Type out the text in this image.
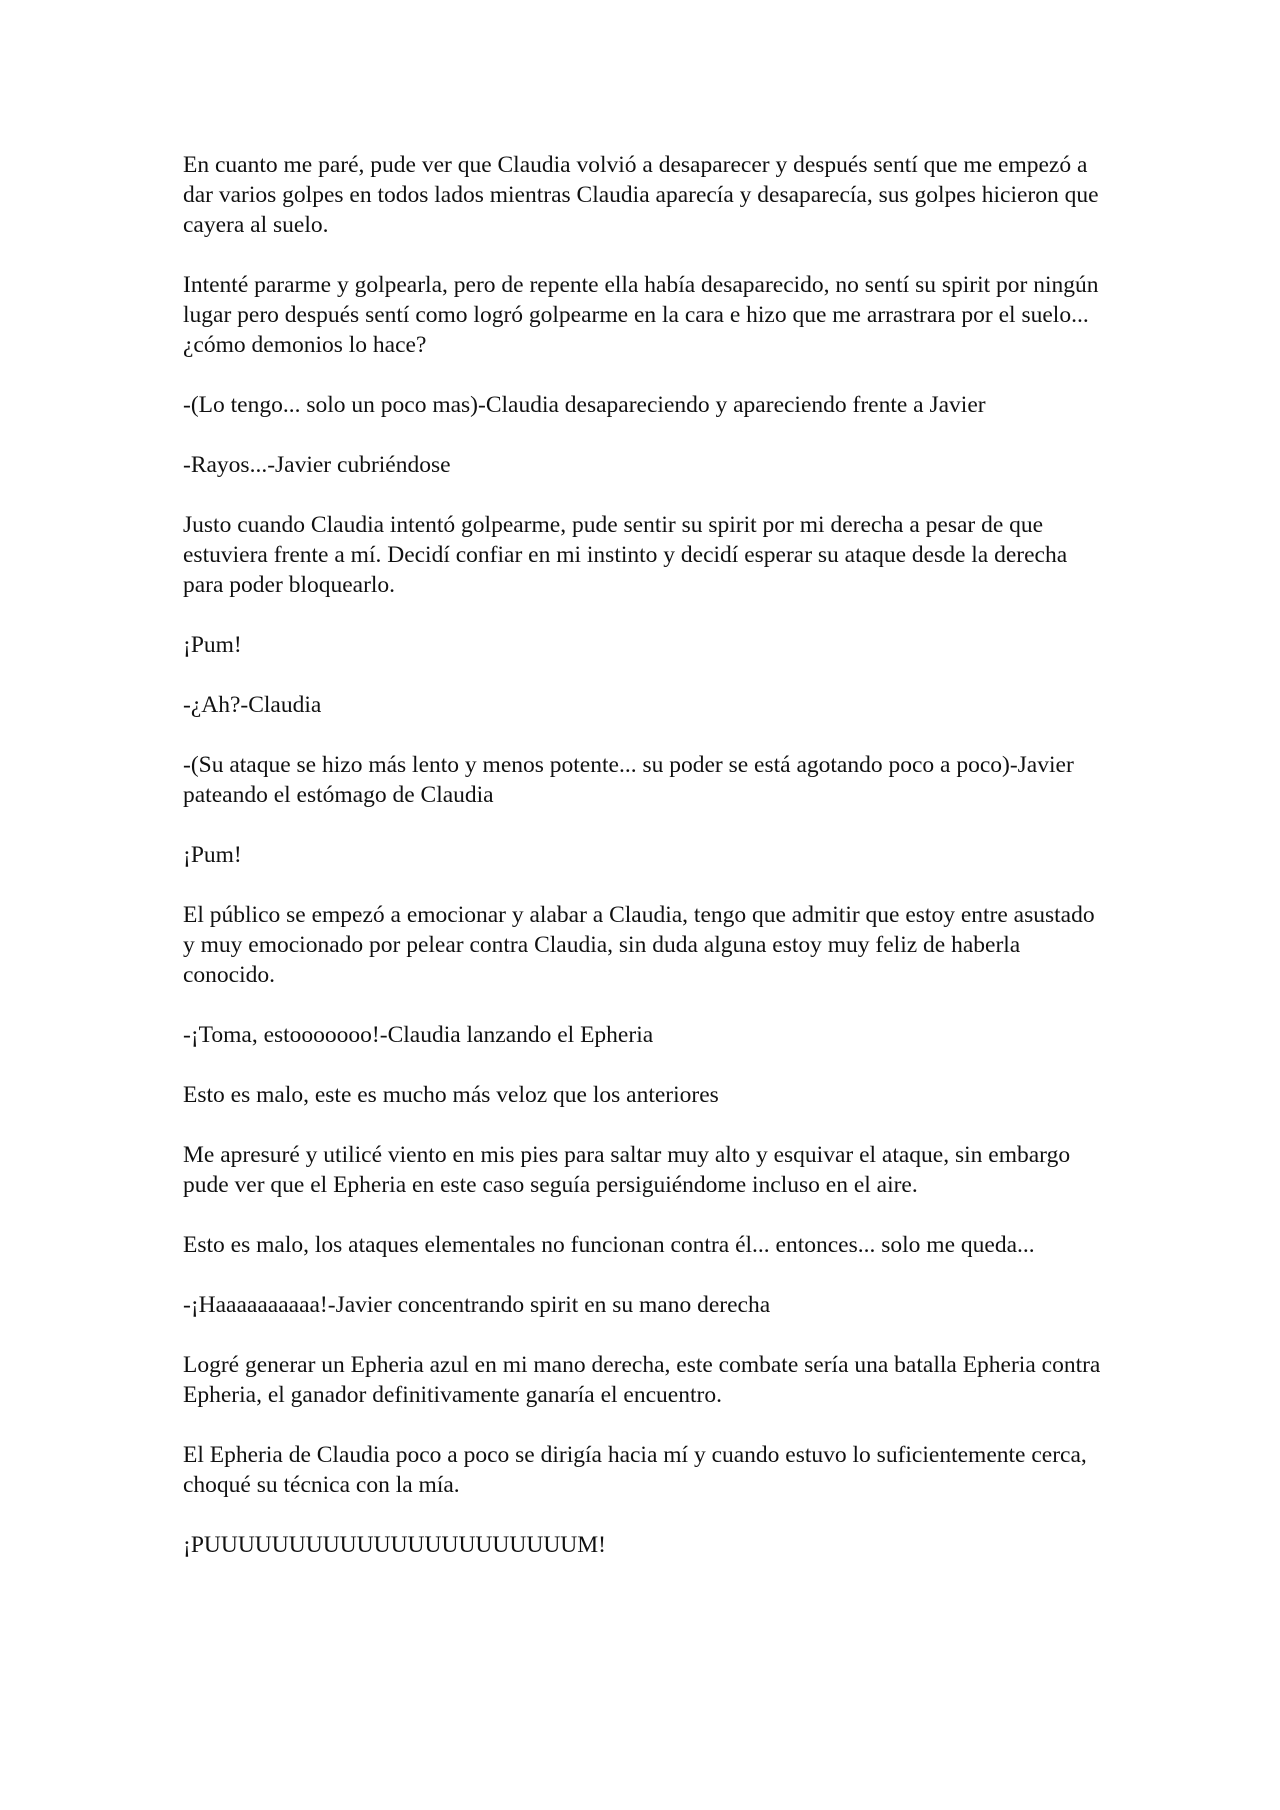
En cuanto me paré, pude ver que Claudia volvió a desaparecer y después sentí que me empezó a dar varios golpes en todos lados mientras Claudia aparecía y desaparecía, sus golpes hicieron que cayera al suelo.

Intenté pararme y golpearla, pero de repente ella había desaparecido, no sentí su spirit por ningún lugar pero después sentí como logró golpearme en la cara e hizo que me arrastrara por el suelo... ¿cómo demonios lo hace?

-(Lo tengo... solo un poco mas)-Claudia desapareciendo y apareciendo frente a Javier

-Rayos...-Javier cubriéndose

Justo cuando Claudia intentó golpearme, pude sentir su spirit por mi derecha a pesar de que estuviera frente a mí. Decidí confiar en mi instinto y decidí esperar su ataque desde la derecha para poder bloquearlo.

¡Pum!

-¿Ah?-Claudia

-(Su ataque se hizo más lento y menos potente... su poder se está agotando poco a poco)-Javier pateando el estómago de Claudia

¡Pum!

El público se empezó a emocionar y alabar a Claudia, tengo que admitir que estoy entre asustado y muy emocionado por pelear contra Claudia, sin duda alguna estoy muy feliz de haberla conocido.

-¡Toma, estooooooo!-Claudia lanzando el Epheria

Esto es malo, este es mucho más veloz que los anteriores

Me apresuré y utilicé viento en mis pies para saltar muy alto y esquivar el ataque, sin embargo pude ver que el Epheria en este caso seguía persiguiéndome incluso en el aire.

Esto es malo, los ataques elementales no funcionan contra él... entonces... solo me queda...

-¡Haaaaaaaaaa!-Javier concentrando spirit en su mano derecha

Logré generar un Epheria azul en mi mano derecha, este combate sería una batalla Epheria contra Epheria, el ganador definitivamente ganaría el encuentro.

El Epheria de Claudia poco a poco se dirigía hacia mí y cuando estuvo lo suficientemente cerca, choqué su técnica con la mía.

¡PUUUUUUUUUUUUUUUUUUUUUUM!
